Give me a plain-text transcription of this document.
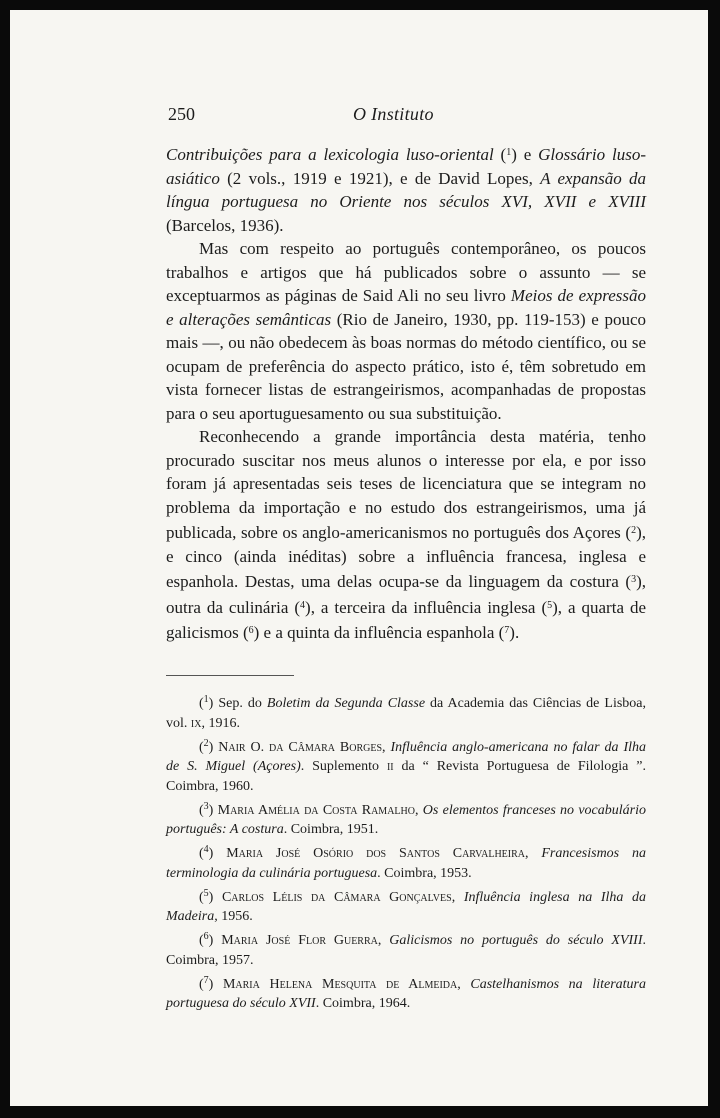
250	O Instituto

Contribuições para a lexicologia luso-oriental ($^1$) e Glossário luso-asiático (2 vols., 1919 e 1921), e de David Lopes, A expansão da língua portuguesa no Oriente nos séculos XVI, XVII e XVIII (Barcelos, 1936).

Mas com respeito ao português contemporâneo, os poucos trabalhos e artigos que há publicados sobre o assunto — se exceptuarmos as páginas de Said Ali no seu livro Meios de expressão e alterações semânticas (Rio de Janeiro, 1930, pp. 119-153) e pouco mais —, ou não obedecem às boas normas do método científico, ou se ocupam de preferência do aspecto prático, isto é, têm sobretudo em vista fornecer listas de estrangeirismos, acompanhadas de propostas para o seu aportuguesamento ou sua substituição.

Reconhecendo a grande importância desta matéria, tenho procurado suscitar nos meus alunos o interesse por ela, e por isso foram já apresentadas seis teses de licenciatura que se integram no problema da importação e no estudo dos estrangeirismos, uma já publicada, sobre os anglo-americanismos no português dos Açores ($^2$), e cinco (ainda inéditas) sobre a influência francesa, inglesa e espanhola. Destas, uma delas ocupa-se da linguagem da costura ($^3$), outra da culinária ($^4$), a terceira da influência inglesa ($^5$), a quarta de galicismos ($^6$) e a quinta da influência espanhola ($^7$).

($^1$) Sep. do Boletim da Segunda Classe da Academia das Ciências de Lisboa, vol. ix, 1916.

($^2$) Nair O. da Câmara Borges, Influência anglo-americana no falar da Ilha de S. Miguel (Açores). Suplemento ii da “ Revista Portuguesa de Filologia ”. Coimbra, 1960.

($^3$) Maria Amélia da Costa Ramalho, Os elementos franceses no vocabulário português: A costura. Coimbra, 1951.

($^4$) Maria José Osório dos Santos Carvalheira, Francesismos na terminologia da culinária portuguesa. Coimbra, 1953.

($^5$) Carlos Lélis da Câmara Gonçalves, Influência inglesa na Ilha da Madeira, 1956.

($^6$) Maria José Flor Guerra, Galicismos no português do século XVIII. Coimbra, 1957.

($^7$) Maria Helena Mesquita de Almeida, Castelhanismos na literatura portuguesa do século XVII. Coimbra, 1964.
